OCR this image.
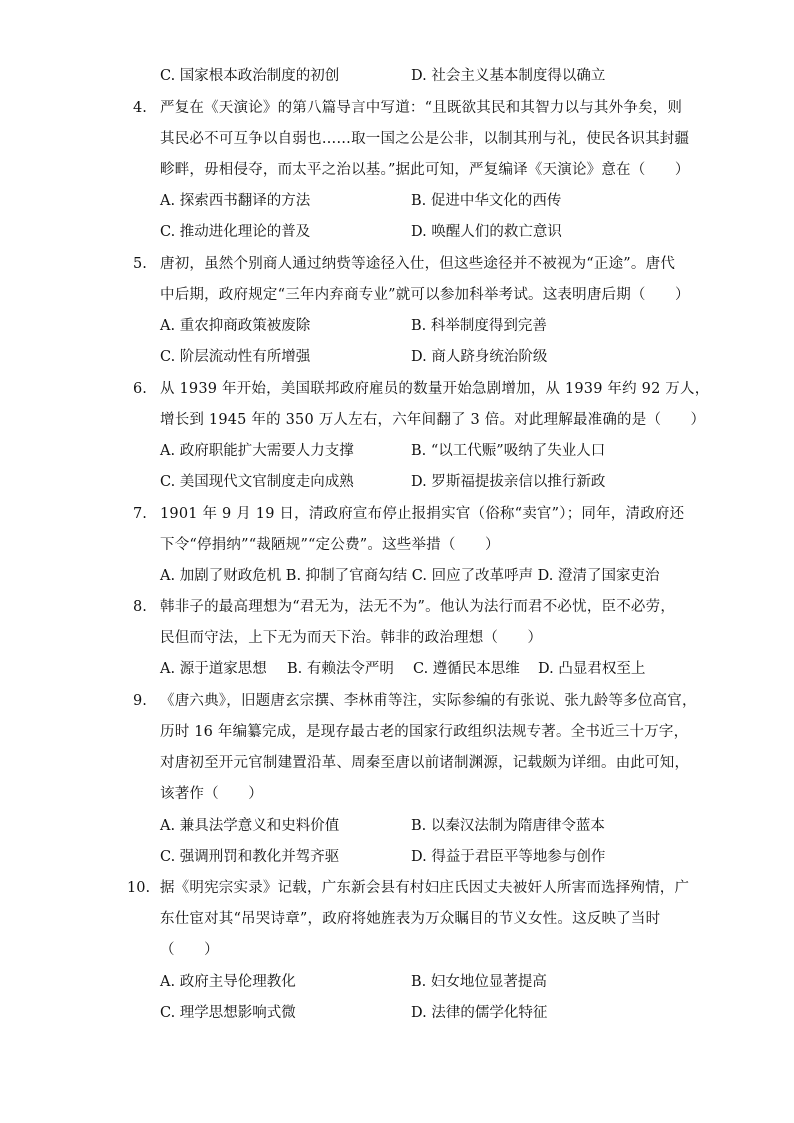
C. 国家根本政治制度的初创	D. 社会主义基本制度得以确立
4. 严复在《天演论》的第八篇导言中写道：“且既欲其民和其智力以与其外争矣，则
其民必不可互争以自弱也……取一国之公是公非，以制其刑与礼，使民各识其封疆
畛畔，毋相侵夺，而太平之治以基。”据此可知，严复编译《天演论》意在（　　）
A. 探索西书翻译的方法	B. 促进中华文化的西传
C. 推动进化理论的普及	D. 唤醒人们的救亡意识
5. 唐初，虽然个别商人通过纳赀等途径入仕，但这些途径并不被视为“正途”。唐代
中后期，政府规定“三年内弃商专业”就可以参加科举考试。这表明唐后期（　　）
A. 重农抑商政策被废除	B. 科举制度得到完善
C. 阶层流动性有所增强	D. 商人跻身统治阶级
6. 从 1939 年开始，美国联邦政府雇员的数量开始急剧增加，从 1939 年约 92 万人，
增长到 1945 年的 350 万人左右，六年间翻了 3 倍。对此理解最准确的是（　　）
A. 政府职能扩大需要人力支撑	B. “以工代赈”吸纳了失业人口
C. 美国现代文官制度走向成熟	D. 罗斯福提拔亲信以推行新政
7. 1901 年 9 月 19 日，清政府宣布停止报捐实官（俗称“卖官”）；同年，清政府还
下令“停捐纳”“裁陋规”“定公费”。这些举措（　　）
A. 加剧了财政危机 B. 抑制了官商勾结 C. 回应了改革呼声 D. 澄清了国家吏治
8. 韩非子的最高理想为“君无为，法无不为”。他认为法行而君不必忧，臣不必劳，
民但而守法，上下无为而天下治。韩非的政治理想（　　）
A. 源于道家思想 B. 有赖法令严明 C. 遵循民本思维 D. 凸显君权至上
9. 《唐六典》，旧题唐玄宗撰、李林甫等注，实际参编的有张说、张九龄等多位高官，
历时 16 年编纂完成，是现存最古老的国家行政组织法规专著。全书近三十万字，
对唐初至开元官制建置沿革、周秦至唐以前诸制渊源，记载颇为详细。由此可知，
该著作（　　）
A. 兼具法学意义和史料价值	B. 以秦汉法制为隋唐律令蓝本
C. 强调刑罚和教化并驾齐驱	D. 得益于君臣平等地参与创作
10. 据《明宪宗实录》记载，广东新会县有村妇庄氏因丈夫被奸人所害而选择殉情，广
东仕宦对其“吊哭诗章”，政府将她旌表为万众瞩目的节义女性。这反映了当时
（　　）
A. 政府主导伦理教化	B. 妇女地位显著提高
C. 理学思想影响式微	D. 法律的儒学化特征
